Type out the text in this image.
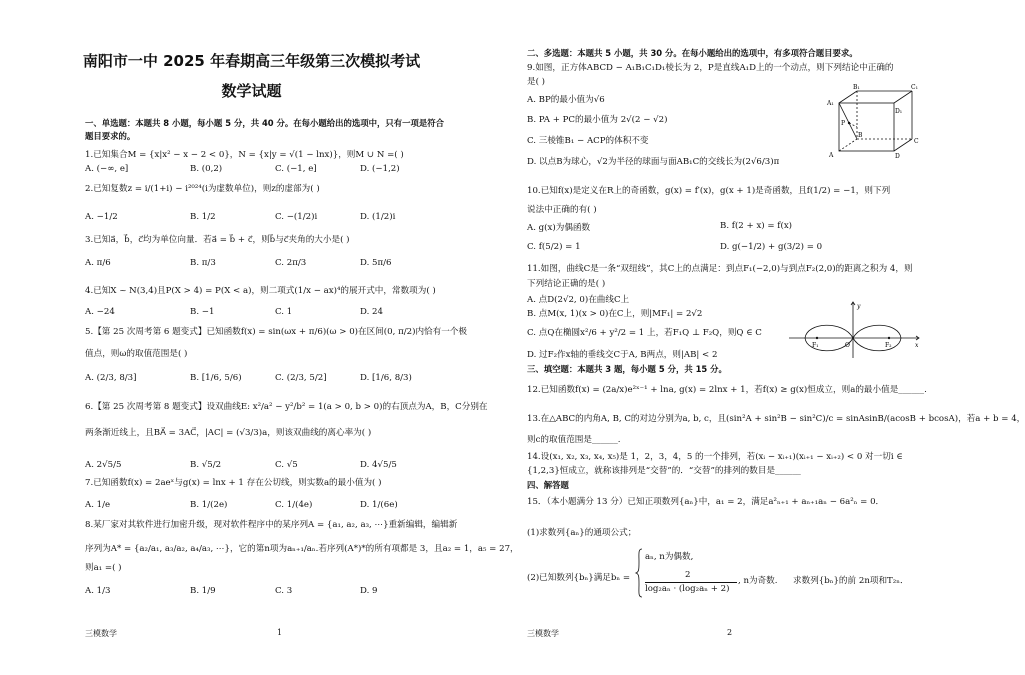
南阳市一中 2025 年春期高三年级第三次模拟考试
数学试题
一、单选题：本题共 8 小题，每小题 5 分，共 40 分。在每小题给出的选项中，只有一项是符合
题目要求的。
1.已知集合M = {x|x² − x − 2 < 0}，N = {x|y = √(1 − lnx)}，则M ∪ N =( )
A. (−∞, e]	B. (0,2)	C. (−1, e]	D. (−1,2)
2.已知复数z = i/(1+i) − i²⁰²⁴(i为虚数单位)，则z的虚部为( )
A. −1/2	B. 1/2	C. −(1/2)i	D. (1/2)i
3.已知a⃗，b⃗，c⃗均为单位向量．若a⃗ = b⃗ + c⃗，则b⃗与c⃗夹角的大小是( )
A. π/6	B. π/3	C. 2π/3	D. 5π/6
4.已知X ~ N(3,4)且P(X > 4) = P(X < a)，则二项式(1/x − ax)⁴的展开式中，常数项为( )
A. −24	B. −1	C. 1	D. 24
5.【第 25 次周考第 6 题变式】已知函数f(x) = sin(ωx + π/6)(ω > 0)在区间(0, π/2)内恰有一个极
值点，则ω的取值范围是( )
A. (2/3, 8/3]	B. [1/6, 5/6)	C. (2/3, 5/2]	D. [1/6, 8/3)
6.【第 25 次周考第 8 题变式】设双曲线E: x²/a² − y²/b² = 1(a > 0, b > 0)的右顶点为A，B，C分别在
两条渐近线上，且BA⃗ = 3AC⃗，|AC| = (√3/3)a，则该双曲线的离心率为( )
A. 2√5/5	B. √5/2	C. √5	D. 4√5/5
7.已知函数f(x) = 2aeˣ与g(x) = lnx + 1 存在公切线，则实数a的最小值为( )
A. 1/e	B. 1/(2e)	C. 1/(4e)	D. 1/(6e)
8.某厂家对其软件进行加密升级，现对软件程序中的某序列A = {a₁, a₂, a₃, ⋯}重新编辑，编辑新
序列为A* = {a₂/a₁, a₃/a₂, a₄/a₃, ⋯}，它的第n项为aₙ₊₁/aₙ.若序列(A*)*的所有项都是 3，且a₂ = 1，a₅ = 27，
则a₁ =( )
A. 1/3	B. 1/9	C. 3	D. 9
三模数学	1
二、多选题：本题共 5 小题，共 30 分。在每小题给出的选项中，有多项符合题目要求。
9.如图，正方体ABCD − A₁B₁C₁D₁棱长为 2，P是直线A₁D上的一个动点，则下列结论中正确的
是( )
A. BP的最小值为√6
B. PA + PC的最小值为 2√(2 − √2)
C. 三棱锥B₁ − ACP的体积不变
D. 以点B为球心，√2为半径的球面与面AB₁C的交线长为(2√6/3)π
A₁
B₁	C₁
D₁
A
B
C
D
P
10.已知f(x)是定义在R上的奇函数，g(x) = f′(x)，g(x + 1)是奇函数，且f(1/2) = −1，则下列
说法中正确的有( )
A. g(x)为偶函数	B. f(2 + x) = f(x)
C. f(5/2) = 1	D. g(−1/2) + g(3/2) = 0
11.如图，曲线C是一条“双纽线”，其C上的点满足：到点F₁(−2,0)与到点F₂(2,0)的距离之积为 4，则
下列结论正确的是( )
A. 点D(2√2, 0)在曲线C上
B. 点M(x, 1)(x > 0)在C上，则|MF₁| = 2√2
C. 点Q在椭圆x²/6 + y²/2 = 1 上，若F₁Q ⊥ F₂Q，则Q ∈ C
D. 过F₂作x轴的垂线交C于A, B两点，则|AB| < 2
y
x
O
F₁	F₂
三、填空题：本题共 3 题，每小题 5 分，共 15 分。
12.已知函数f(x) = (2a/x)e²ˣ⁻¹ + lna, g(x) = 2lnx + 1，若f(x) ≥ g(x)恒成立，则a的最小值是______.
13.在△ABC的内角A, B, C的对边分别为a, b, c，且(sin²A + sin²B − sin²C)/c = sinAsinB/(acosB + bcosA)，若a + b = 4，
则c的取值范围是______.
14.设(x₁, x₂, x₃, x₄, x₅)是 1，2，3，4，5 的一个排列，若(xᵢ − xᵢ₊₁)(xᵢ₊₁ − xᵢ₊₂) < 0 对一切i ∈
{1,2,3}恒成立，就称该排列是“交替”的．“交替”的排列的数目是______
四、解答题
15．（本小题满分 13 分）已知正项数列{aₙ}中，a₁ = 2，满足a²ₙ₊₁ + aₙ₊₁aₙ − 6a²ₙ = 0．
(1)求数列{aₙ}的通项公式；
(2)已知数列{bₙ}满足bₙ =
aₙ, n为偶数,
2
log₂aₙ · (log₂aₙ + 2)
, n为奇数. 求数列{bₙ}的前 2n项和T₂ₙ．
三模数学	2
